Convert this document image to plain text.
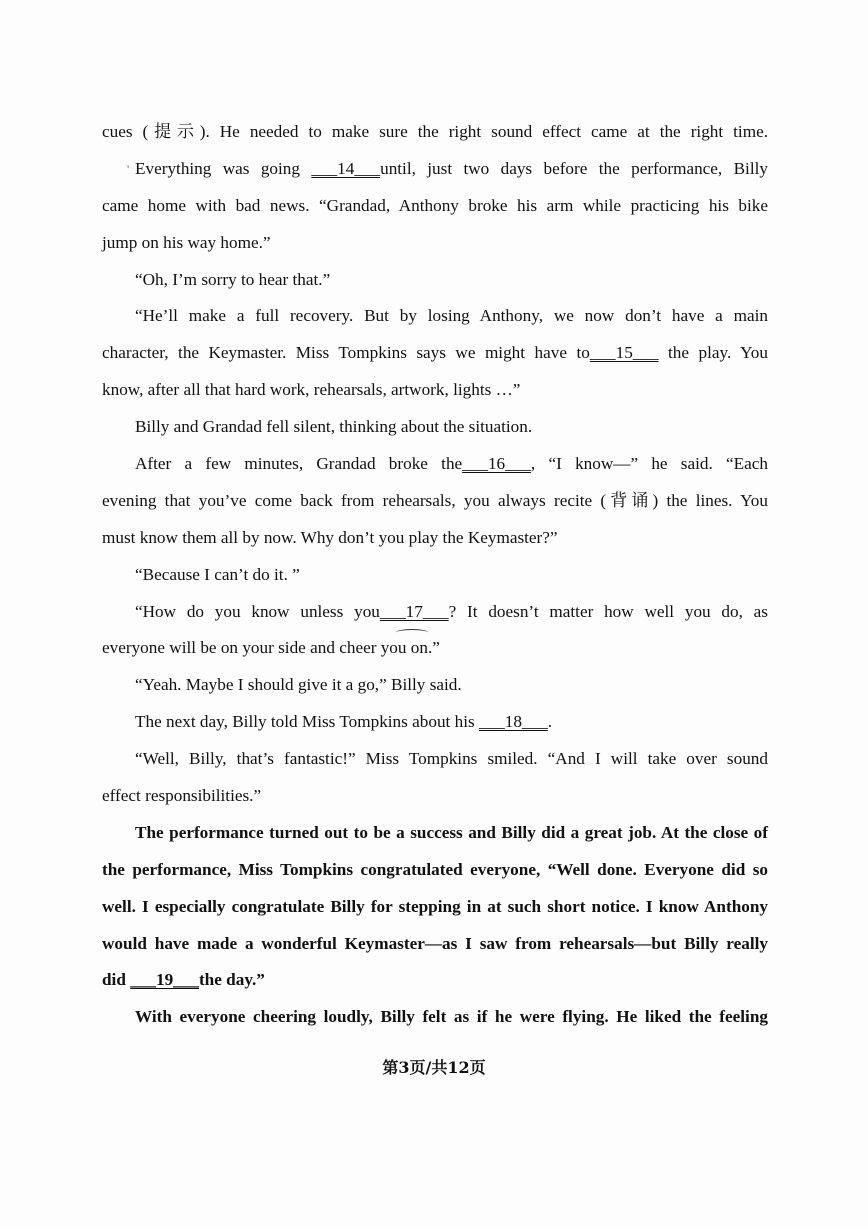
cues (提示). He needed to make sure the right sound effect came at the right time.
' Everything was going ___14___until, just two days before the performance, Billy
came home with bad news. “Grandad, Anthony broke his arm while practicing his bike
jump on his way home.”
“Oh, I’m sorry to hear that.”
“He’ll make a full recovery. But by losing Anthony, we now don’t have a main
character, the Keymaster. Miss Tompkins says we might have to___15___ the play. You
know, after all that hard work, rehearsals, artwork, lights …”
Billy and Grandad fell silent, thinking about the situation.
After a few minutes, Grandad broke the___16___, “I know—” he said. “Each
evening that you’ve come back from rehearsals, you always recite (背诵) the lines. You
must know them all by now. Why don’t you play the Keymaster?”
“Because I can’t do it. ”
“How do you know unless you___17___? It doesn’t matter how well you do, as
everyone will be on your side and cheer you on.”
“Yeah. Maybe I should give it a go,” Billy said.
The next day, Billy told Miss Tompkins about his ___18___.
“Well, Billy, that’s fantastic!” Miss Tompkins smiled. “And I will take over sound
effect responsibilities.”
The performance turned out to be a success and Billy did a great job. At the close of
the performance, Miss Tompkins congratulated everyone, “Well done. Everyone did so
well. I especially congratulate Billy for stepping in at such short notice. I know Anthony
would have made a wonderful Keymaster—as I saw from rehearsals—but Billy really
did ___19___the day.”
With everyone cheering loudly, Billy felt as if he were flying. He liked the feeling
第3页/共12页
